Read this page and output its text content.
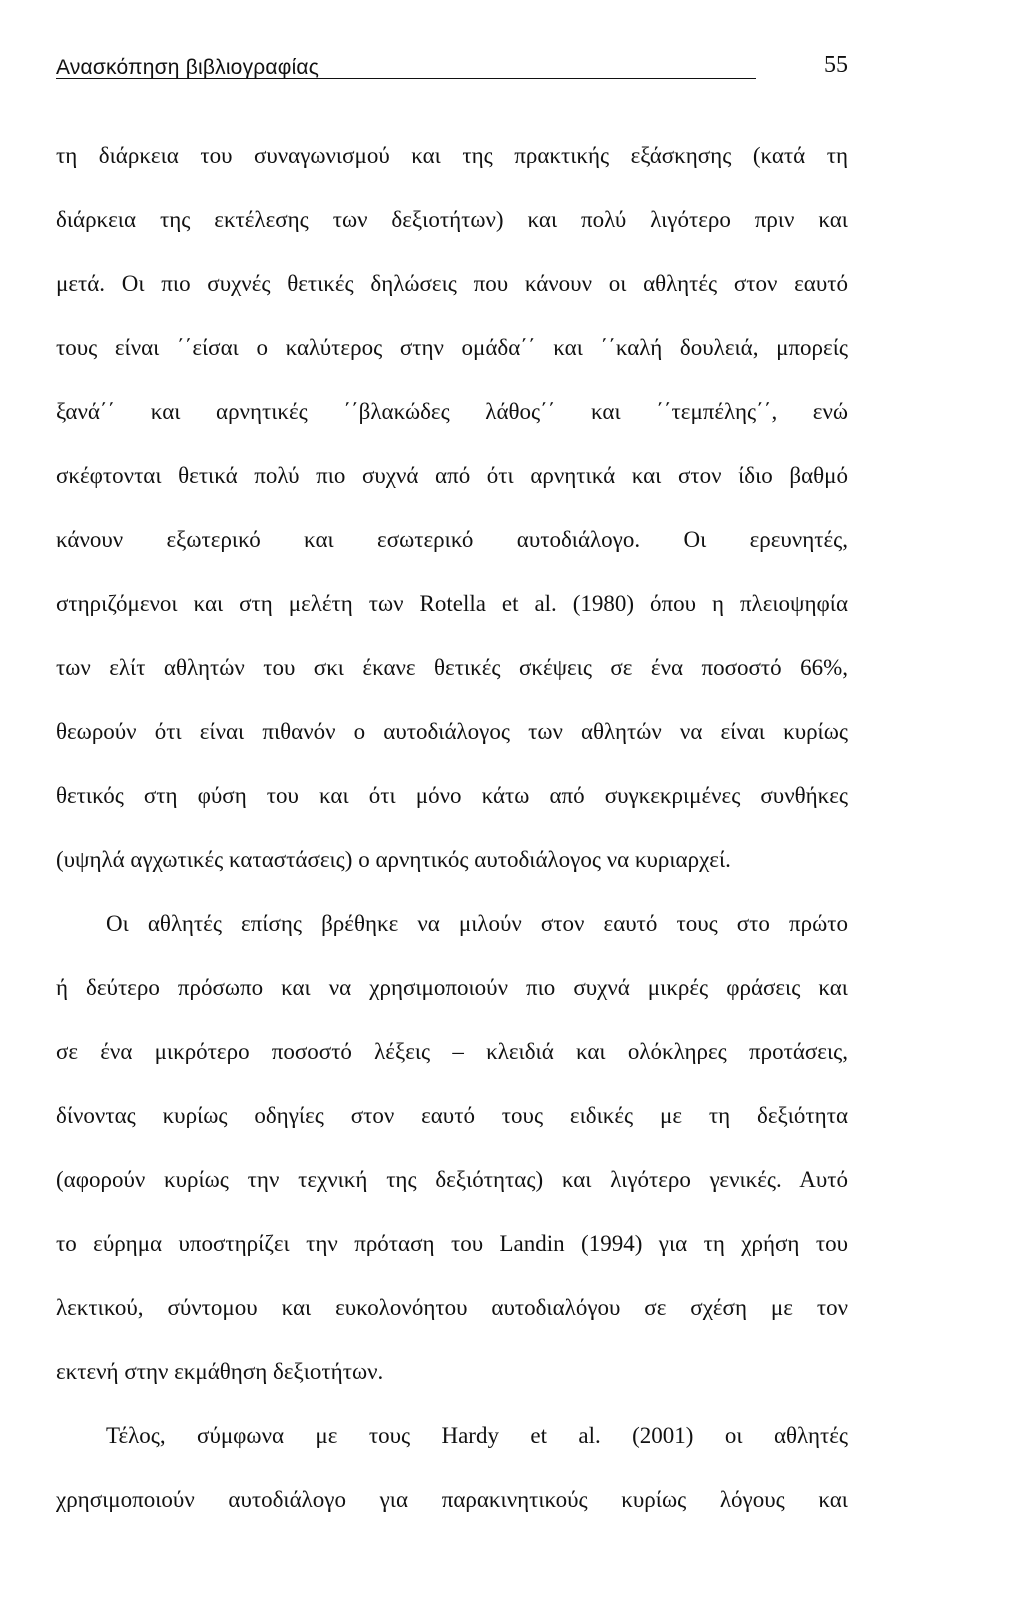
Ανασκόπηση βιβλιογραφίας	55
τη διάρκεια του συναγωνισμού και της πρακτικής εξάσκησης (κατά τη
διάρκεια της εκτέλεσης των δεξιοτήτων) και πολύ λιγότερο πριν και
μετά. Οι πιο συχνές θετικές δηλώσεις που κάνουν οι αθλητές στον εαυτό
τους είναι ΄΄είσαι ο καλύτερος στην ομάδα΄΄ και ΄΄καλή δουλειά, μπορείς
ξανά΄΄ και αρνητικές ΄΄βλακώδες λάθος΄΄ και ΄΄τεμπέλης΄΄, ενώ
σκέφτονται θετικά πολύ πιο συχνά από ότι αρνητικά και στον ίδιο βαθμό
κάνουν εξωτερικό και εσωτερικό αυτοδιάλογο. Οι ερευνητές,
στηριζόμενοι και στη μελέτη των Rotella et al. (1980) όπου η πλειοψηφία
των ελίτ αθλητών του σκι έκανε θετικές σκέψεις σε ένα ποσοστό 66%,
θεωρούν ότι είναι πιθανόν ο αυτοδιάλογος των αθλητών να είναι κυρίως
θετικός στη φύση του και ότι μόνο κάτω από συγκεκριμένες συνθήκες
(υψηλά αγχωτικές καταστάσεις) ο αρνητικός αυτοδιάλογος να κυριαρχεί.
Οι αθλητές επίσης βρέθηκε να μιλούν στον εαυτό τους στο πρώτο
ή δεύτερο πρόσωπο και να χρησιμοποιούν πιο συχνά μικρές φράσεις και
σε ένα μικρότερο ποσοστό λέξεις – κλειδιά και ολόκληρες προτάσεις,
δίνοντας κυρίως οδηγίες στον εαυτό τους ειδικές με τη δεξιότητα
(αφορούν κυρίως την τεχνική της δεξιότητας) και λιγότερο γενικές. Αυτό
το εύρημα υποστηρίζει την πρόταση του Landin (1994) για τη χρήση του
λεκτικού, σύντομου και ευκολονόητου αυτοδιαλόγου σε σχέση με τον
εκτενή στην εκμάθηση δεξιοτήτων.
Τέλος, σύμφωνα με τους Hardy et al. (2001) οι αθλητές
χρησιμοποιούν αυτοδιάλογο για παρακινητικούς κυρίως λόγους και
